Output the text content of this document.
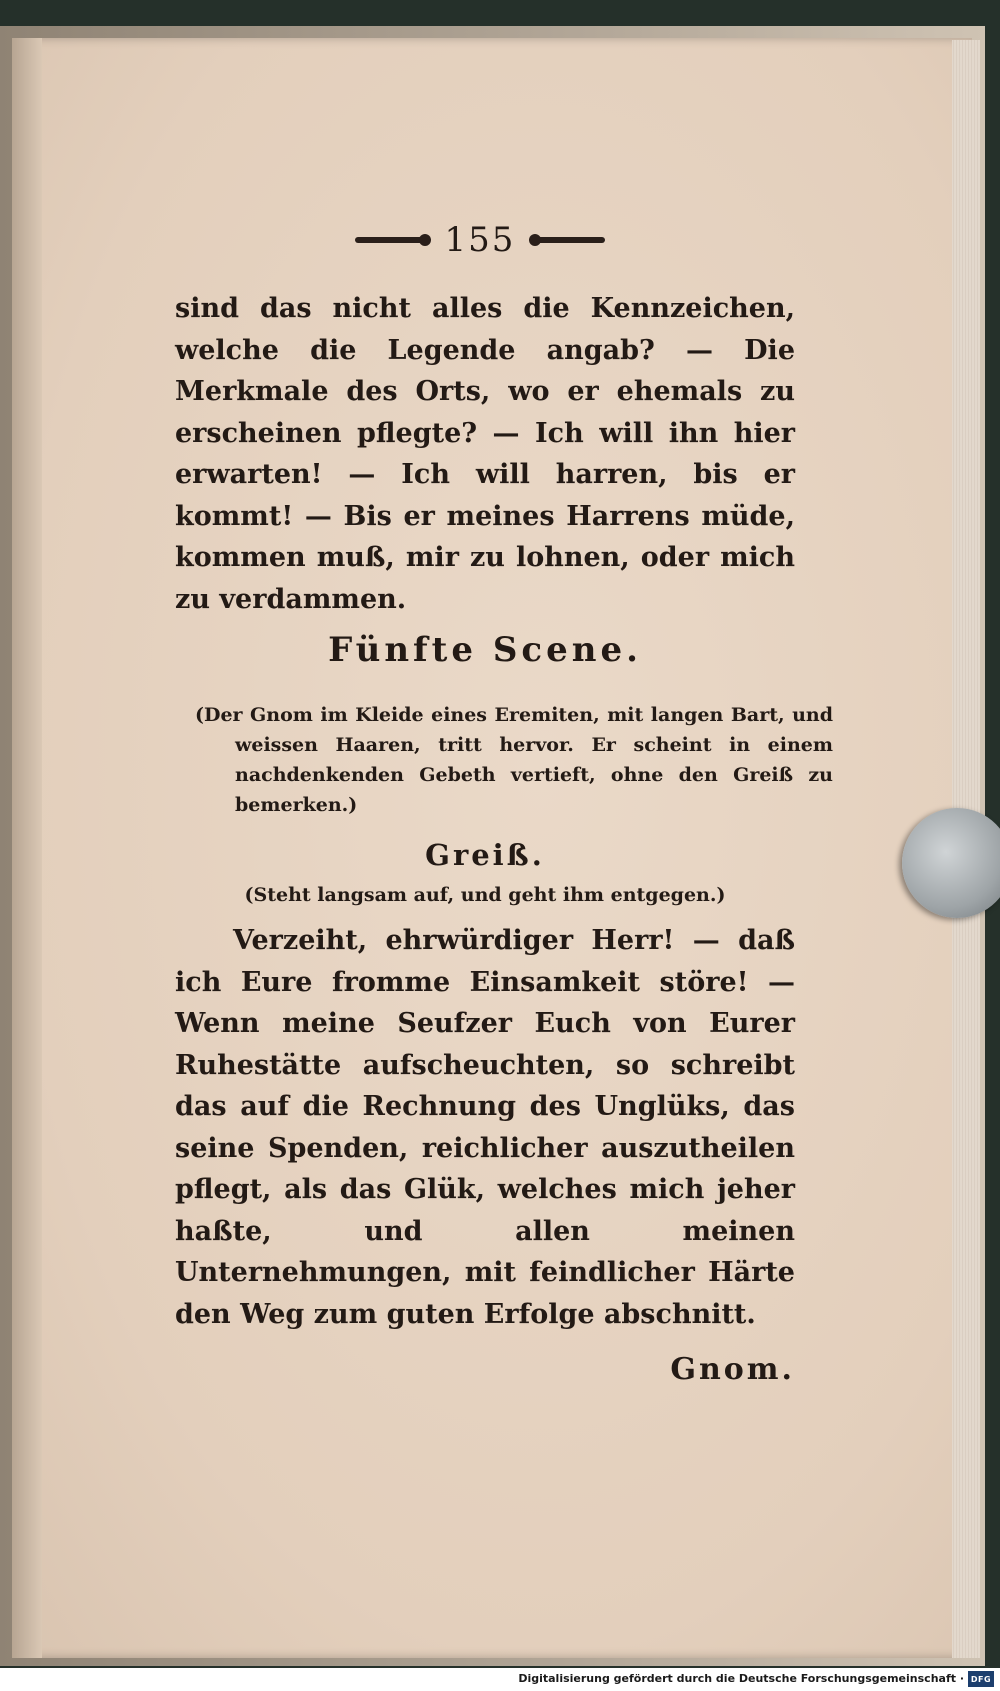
155

sind das nicht alles die Kennzeichen, welche die Legende angab? — Die Merkmale des Orts, wo er ehemals zu erscheinen pflegte? — Ich will ihn hier erwarten! — Ich will harren, bis er kommt! — Bis er meines Harrens müde, kommen muß, mir zu lohnen, oder mich zu verdammen.

Fünfte Scene.
(Der Gnom im Kleide eines Eremiten, mit langen Bart, und weissen Haaren, tritt hervor. Er scheint in einem nachdenkenden Gebeth vertieft, ohne den Greiß zu bemerken.)
Greiß.
(Steht langsam auf, und geht ihm entgegen.)

Verzeiht, ehrwürdiger Herr! — daß ich Eure fromme Einsamkeit störe! — Wenn meine Seufzer Euch von Eurer Ruhestätte aufscheuchten, so schreibt das auf die Rechnung des Unglüks, das seine Spenden, reichlicher auszutheilen pflegt, als das Glük, welches mich jeher haßte, und allen meinen Unternehmungen, mit feindlicher Härte den Weg zum guten Erfolge abschnitt.

Gnom.
Digitalisierung gefördert durch die Deutsche Forschungsgemeinschaft · DFG
